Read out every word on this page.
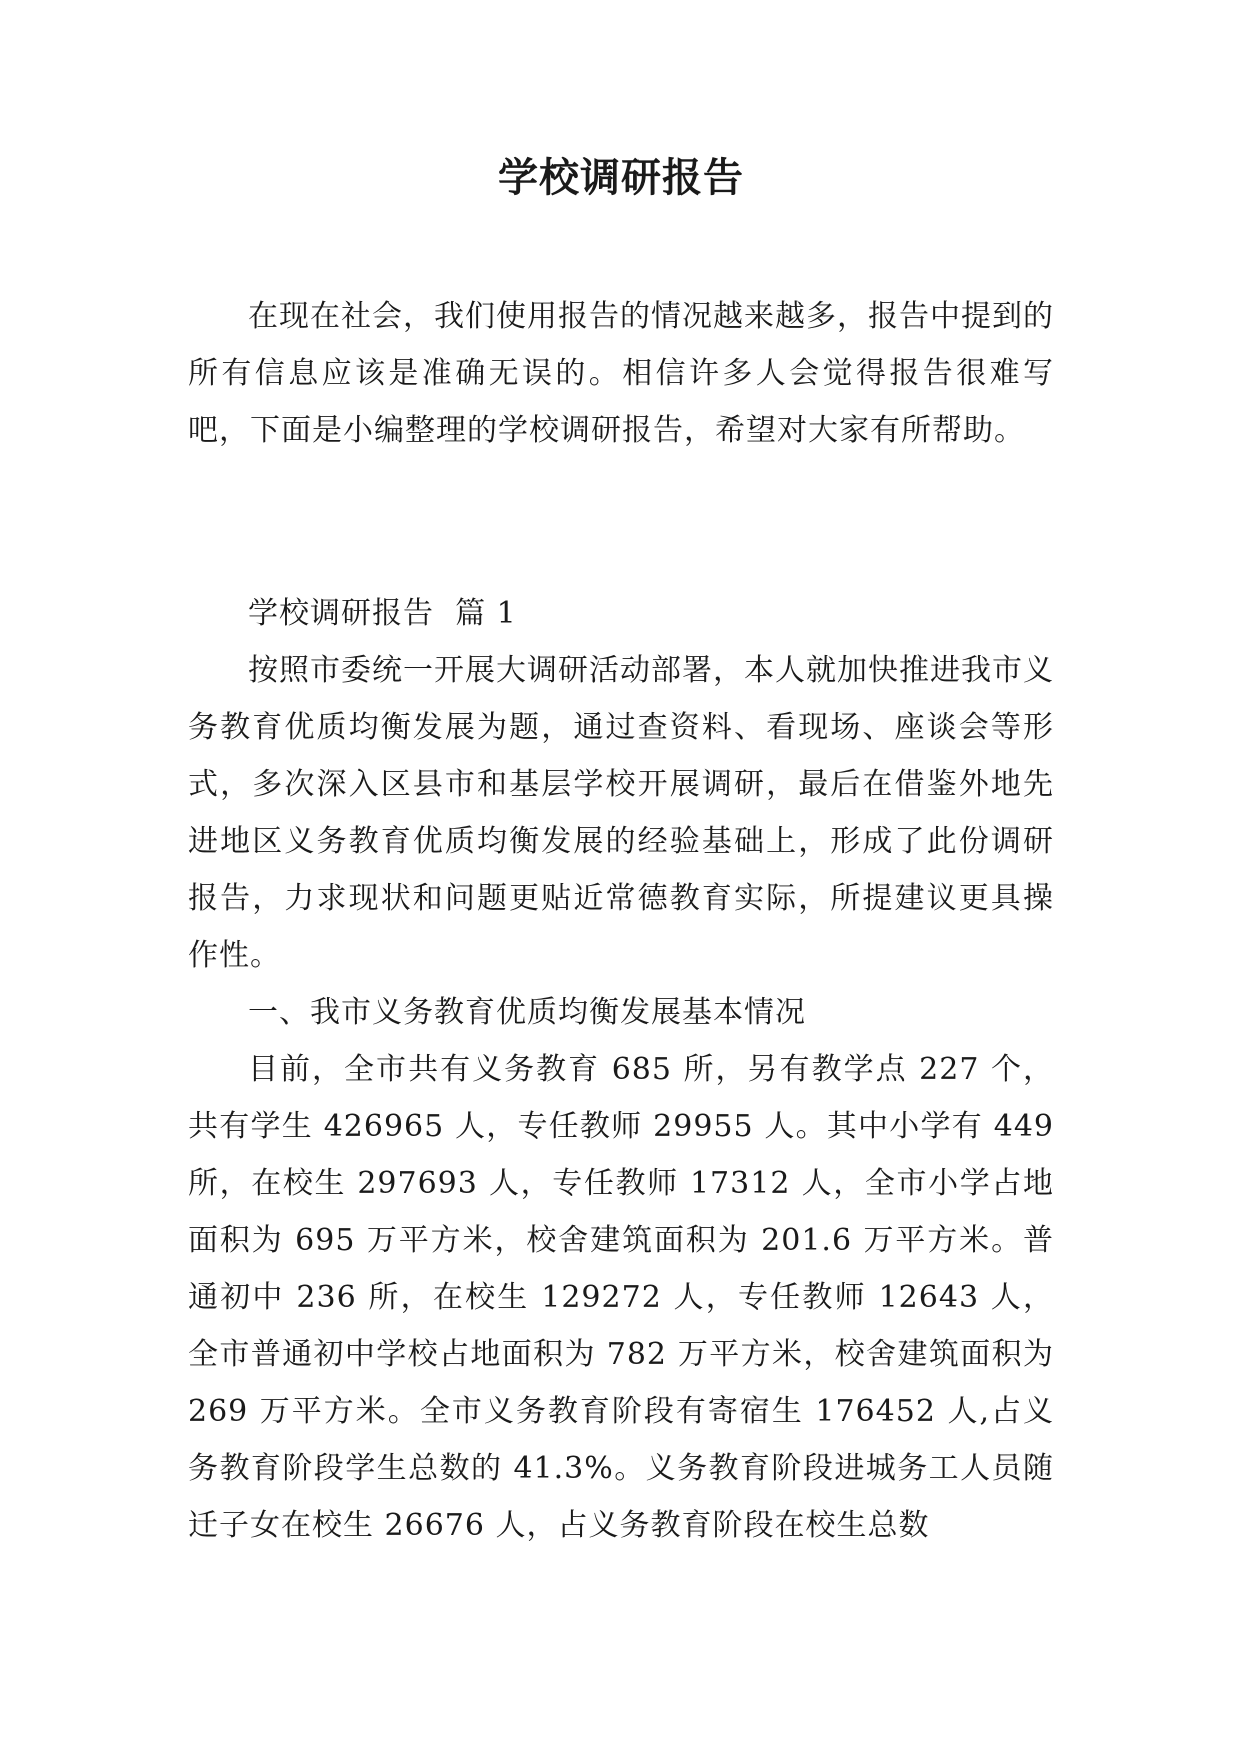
学校调研报告

在现在社会，我们使用报告的情况越来越多，报告中提到的所有信息应该是准确无误的。相信许多人会觉得报告很难写吧，下面是小编整理的学校调研报告，希望对大家有所帮助。

学校调研报告  篇 1

按照市委统一开展大调研活动部署，本人就加快推进我市义务教育优质均衡发展为题，通过查资料、看现场、座谈会等形式，多次深入区县市和基层学校开展调研，最后在借鉴外地先进地区义务教育优质均衡发展的经验基础上，形成了此份调研报告，力求现状和问题更贴近常德教育实际，所提建议更具操作性。

一、我市义务教育优质均衡发展基本情况

目前，全市共有义务教育 685 所，另有教学点 227 个，共有学生 426965 人，专任教师 29955 人。其中小学有 449 所，在校生 297693 人，专任教师 17312 人，全市小学占地面积为 695 万平方米，校舍建筑面积为 201.6 万平方米。普通初中 236 所，在校生 129272 人，专任教师 12643 人，全市普通初中学校占地面积为 782 万平方米，校舍建筑面积为 269 万平方米。全市义务教育阶段有寄宿生 176452 人,占义务教育阶段学生总数的 41.3%。义务教育阶段进城务工人员随迁子女在校生 26676 人，占义务教育阶段在校生总数
